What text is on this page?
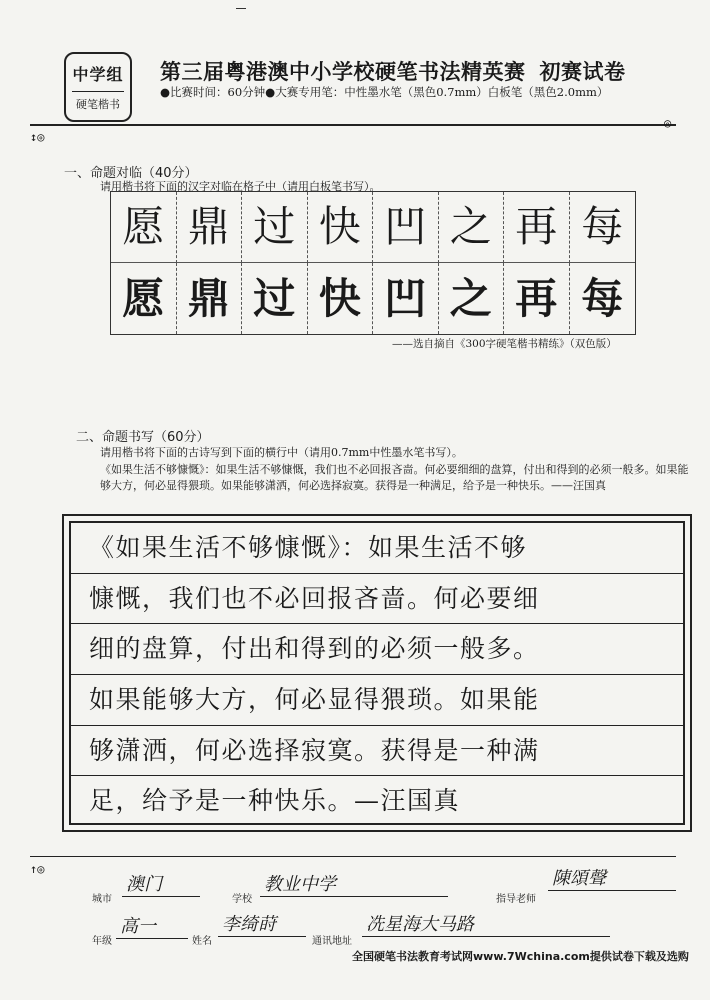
中学组
硬笔楷书
第三届粤港澳中小学校硬笔书法精英赛 初赛试卷
●比赛时间：60分钟●大赛专用笔：中性墨水笔（黑色0.7mm）白板笔（黑色2.0mm）
↕◎
◎
一、命题对临（40分）
请用楷书将下面的汉字对临在格子中（请用白板笔书写）。
愿 鼎 过 快 凹 之 再 每
愿 鼎 过 快 凹 之 再 每
——选自摘自《300字硬笔楷书精练》（双色版）
二、命题书写（60分）
请用楷书将下面的古诗写到下面的横行中（请用0.7mm中性墨水笔书写）。
《如果生活不够慷慨》：如果生活不够慷慨，我们也不必回报吝啬。何必要细细的盘算，付出和得到的必须一般多。如果能够大方，何必显得猥琐。如果能够潇洒，何必选择寂寞。获得是一种满足，给予是一种快乐。——汪国真
《如果生活不够慷慨》：如果生活不够
慷慨，我们也不必回报吝啬。何必要细
细的盘算，付出和得到的必须一般多。
如果能够大方，何必显得猥琐。如果能
够潇洒，何必选择寂寞。获得是一种满
足，给予是一种快乐。—汪国真
↑◎
城市
澳门
学校
教业中学
指导老师
陳頌聲
年级
高一
姓名
李绮莳
通讯地址
冼星海大马路
全国硬笔书法教育考试网www.7Wchina.com提供试卷下载及选购
